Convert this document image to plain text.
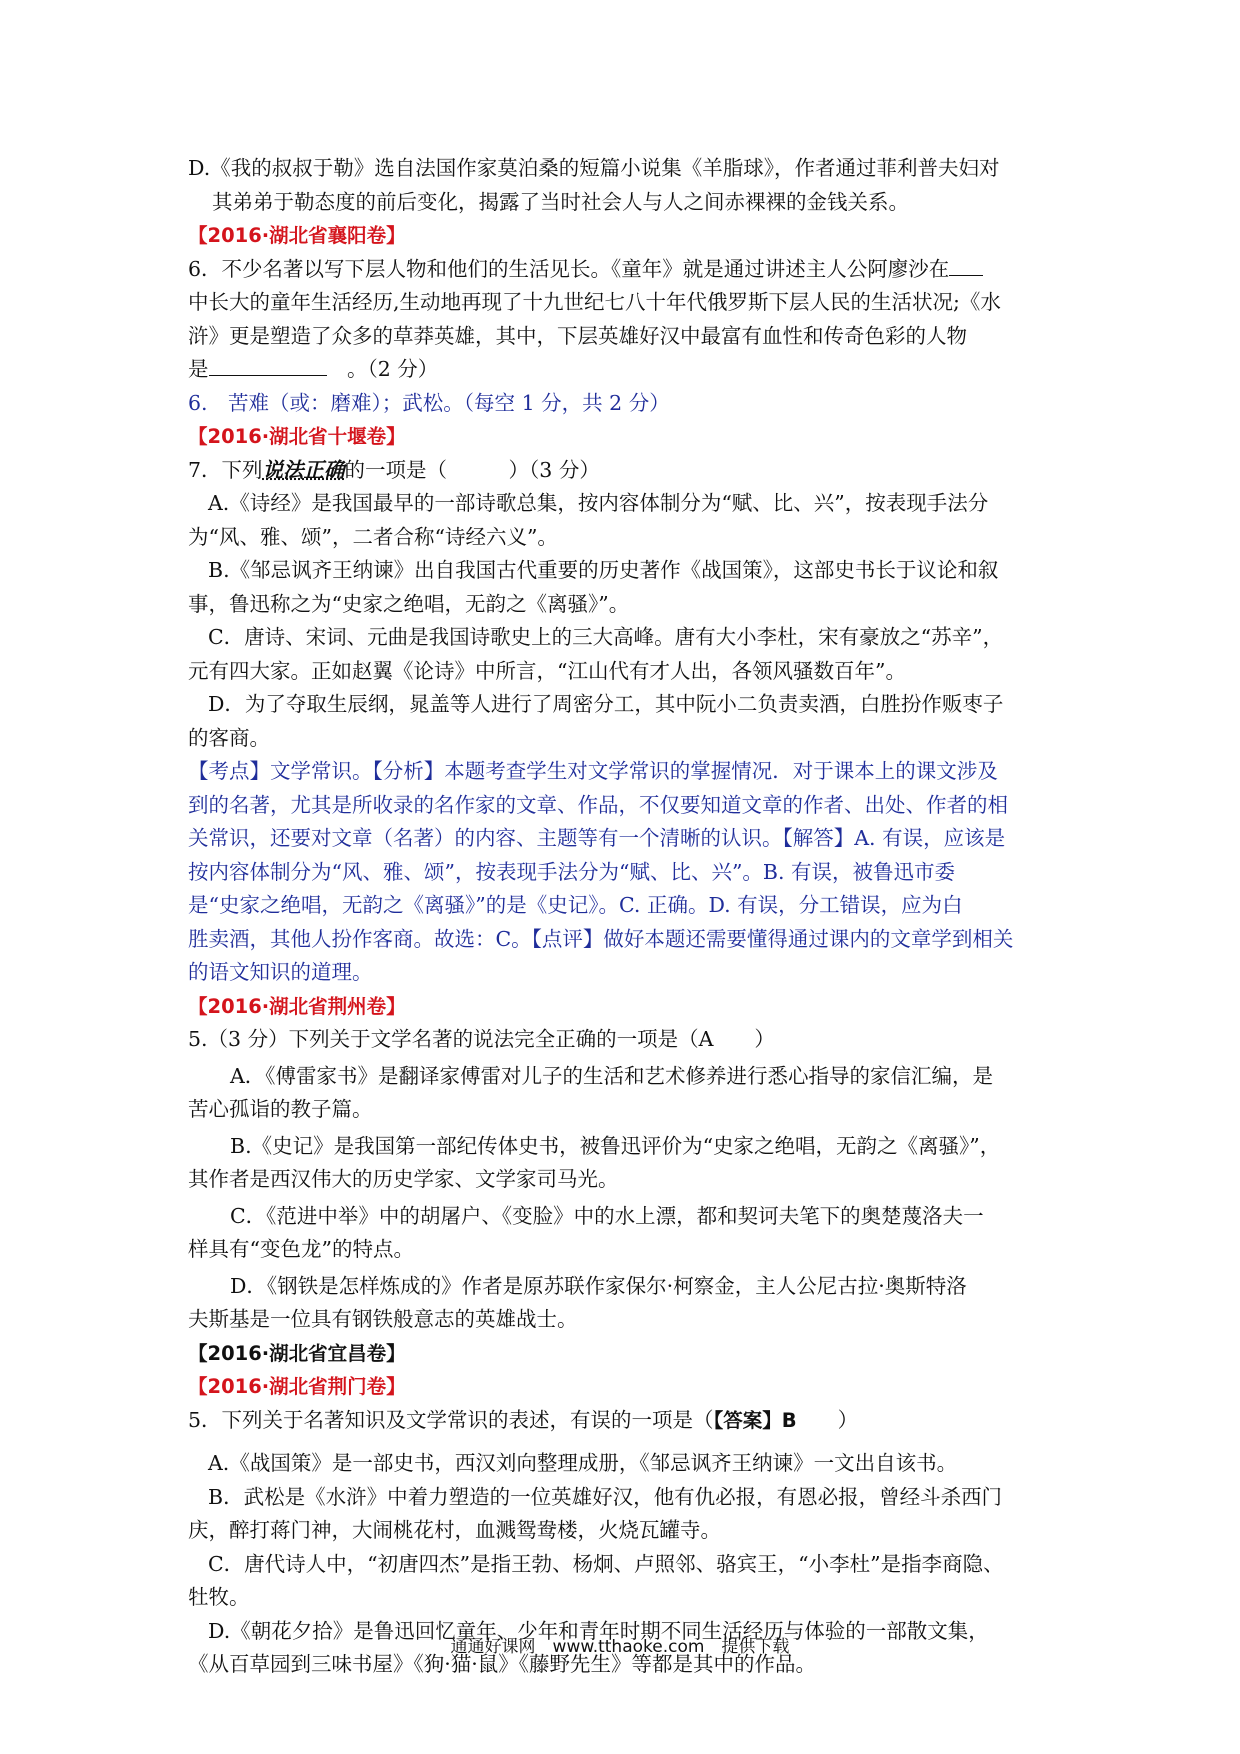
D.《我的叔叔于勒》选自法国作家莫泊桑的短篇小说集《羊脂球》，作者通过菲利普夫妇对

其弟弟于勒态度的前后变化，揭露了当时社会人与人之间赤裸裸的金钱关系。

【2016·湖北省襄阳卷】

6．不少名著以写下层人物和他们的生活见长。《童年》就是通过讲述主人公阿廖沙在

中长大的童年生活经历,生动地再现了十九世纪七八十年代俄罗斯下层人民的生活状况;《水

浒》更是塑造了众多的草莽英雄，其中，下层英雄好汉中最富有血性和传奇色彩的人物

是　	。（2 分）

6.　苦难（或：磨难）；武松。（每空 1 分，共 2 分）

【2016·湖北省十堰卷】

7．下列说法正确的一项是（　　　）（3 分）

A.《诗经》是我国最早的一部诗歌总集，按内容体制分为“赋、比、兴”，按表现手法分

为“风、雅、颂”，二者合称“诗经六义”。

B.《邹忌讽齐王纳谏》出自我国古代重要的历史著作《战国策》，这部史书长于议论和叙

事，鲁迅称之为“史家之绝唱，无韵之《离骚》”。

C．唐诗、宋词、元曲是我国诗歌史上的三大高峰。唐有大小李杜，宋有豪放之“苏辛”，

元有四大家。正如赵翼《论诗》中所言，“江山代有才人出，各领风骚数百年”。

D．为了夺取生辰纲，晁盖等人进行了周密分工，其中阮小二负责卖酒，白胜扮作贩枣子

的客商。

【考点】文学常识。【分析】本题考查学生对文学常识的掌握情况．对于课本上的课文涉及

到的名著，尤其是所收录的名作家的文章、作品，不仅要知道文章的作者、出处、作者的相

关常识，还要对文章（名著）的内容、主题等有一个清晰的认识。【解答】A. 有误，应该是

按内容体制分为“风、雅、颂”，按表现手法分为“赋、比、兴”。B. 有误，被鲁迅市委

是“史家之绝唱，无韵之《离骚》”的是《史记》。C. 正确。D. 有误，分工错误，应为白

胜卖酒，其他人扮作客商。故选：C。【点评】做好本题还需要懂得通过课内的文章学到相关

的语文知识的道理。

【2016·湖北省荆州卷】

5.（3 分）下列关于文学名著的说法完全正确的一项是（A　　）

A．《傅雷家书》是翻译家傅雷对儿子的生活和艺术修养进行悉心指导的家信汇编，是

苦心孤诣的教子篇。

B.《史记》是我国第一部纪传体史书，被鲁迅评价为“史家之绝唱，无韵之《离骚》”，

其作者是西汉伟大的历史学家、文学家司马光。

C．《范进中举》中的胡屠户、《变脸》中的水上漂，都和契诃夫笔下的奥楚蔑洛夫一

样具有“变色龙”的特点。

D．《钢铁是怎样炼成的》作者是原苏联作家保尔·柯察金，主人公尼古拉·奥斯特洛

夫斯基是一位具有钢铁般意志的英雄战士。

【2016·湖北省宜昌卷】

【2016·湖北省荆门卷】

5．下列关于名著知识及文学常识的表述，有误的一项是（【答案】B　　）

A.《战国策》是一部史书，西汉刘向整理成册，《邹忌讽齐王纳谏》一文出自该书。

B．武松是《水浒》中着力塑造的一位英雄好汉，他有仇必报，有恩必报，曾经斗杀西门

庆，醉打蒋门神，大闹桃花村，血溅鸳鸯楼，火烧瓦罐寺。

C．唐代诗人中，“初唐四杰”是指王勃、杨炯、卢照邻、骆宾王，“小李杜”是指李商隐、

牡牧。

D.《朝花夕拾》是鲁迅回忆童年、少年和青年时期不同生活经历与体验的一部散文集，

《从百草园到三味书屋》《狗·猫·鼠》《藤野先生》等都是其中的作品。

通通好课网　www.tthaoke.com　提供下载
